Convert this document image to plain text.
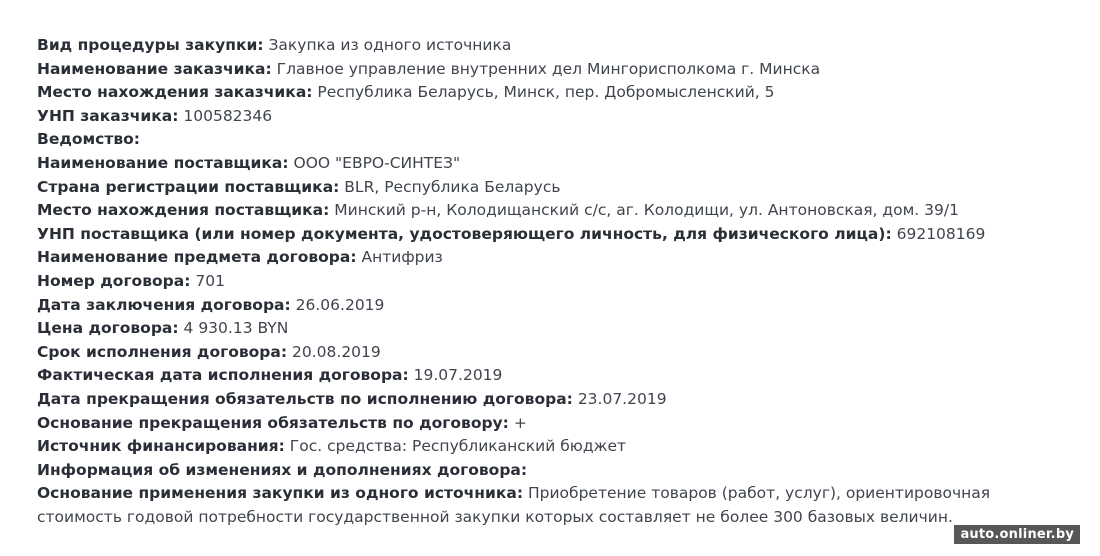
Вид процедуры закупки: Закупка из одного источника

Наименование заказчика: Главное управление внутренних дел Мингорисполкома г. Минска

Место нахождения заказчика: Республика Беларусь, Минск, пер. Добромысленский, 5

УНП заказчика: 100582346

Ведомство:

Наименование поставщика: ООО "ЕВРО-СИНТЕЗ"

Страна регистрации поставщика: BLR, Республика Беларусь

Место нахождения поставщика: Минский р-н, Колодищанский с/с, аг. Колодищи, ул. Антоновская, дом. 39/1

УНП поставщика (или номер документа, удостоверяющего личность, для физического лица): 692108169

Наименование предмета договора: Антифриз

Номер договора: 701

Дата заключения договора: 26.06.2019

Цена договора: 4 930.13 BYN

Срок исполнения договора: 20.08.2019

Фактическая дата исполнения договора: 19.07.2019

Дата прекращения обязательств по исполнению договора: 23.07.2019

Основание прекращения обязательств по договору: +

Источник финансирования: Гос. средства: Республиканский бюджет

Информация об изменениях и дополнениях договора:

Основание применения закупки из одного источника: Приобретение товаров (работ, услуг), ориентировочная стоимость годовой потребности государственной закупки которых составляет не более 300 базовых величин.

auto.onliner.by
